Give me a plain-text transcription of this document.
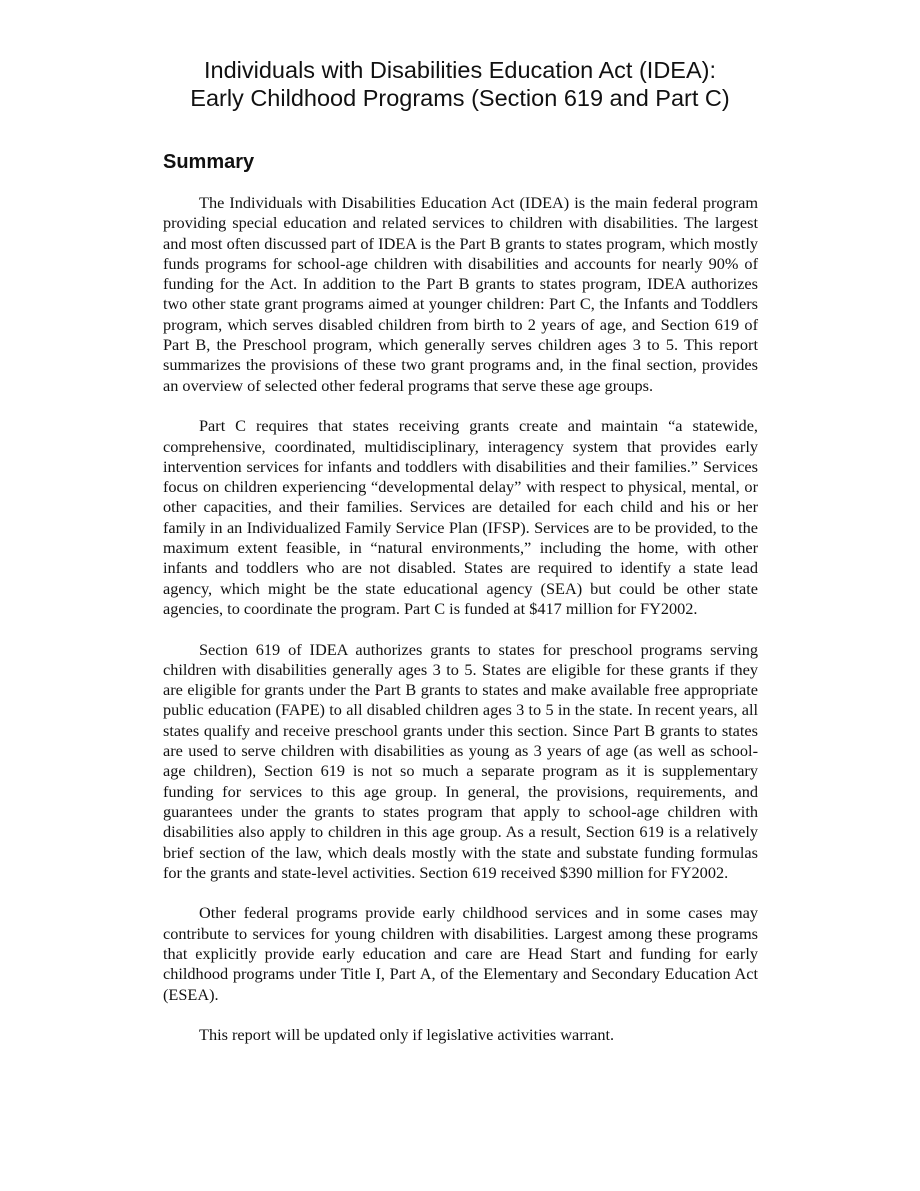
Individuals with Disabilities Education Act (IDEA):
Early Childhood Programs (Section 619 and Part C)
Summary

The Individuals with Disabilities Education Act (IDEA) is the main federal program providing special education and related services to children with disabilities. The largest and most often discussed part of IDEA is the Part B grants to states program, which mostly funds programs for school-age children with disabilities and accounts for nearly 90% of funding for the Act. In addition to the Part B grants to states program, IDEA authorizes two other state grant programs aimed at younger children: Part C, the Infants and Toddlers program, which serves disabled children from birth to 2 years of age, and Section 619 of Part B, the Preschool program, which generally serves children ages 3 to 5. This report summarizes the provisions of these two grant programs and, in the final section, provides an overview of selected other federal programs that serve these age groups.

Part C requires that states receiving grants create and maintain “a statewide, comprehensive, coordinated, multidisciplinary, interagency system that provides early intervention services for infants and toddlers with disabilities and their families.” Services focus on children experiencing “developmental delay” with respect to physical, mental, or other capacities, and their families. Services are detailed for each child and his or her family in an Individualized Family Service Plan (IFSP). Services are to be provided, to the maximum extent feasible, in “natural environments,” including the home, with other infants and toddlers who are not disabled. States are required to identify a state lead agency, which might be the state educational agency (SEA) but could be other state agencies, to coordinate the program. Part C is funded at $417 million for FY2002.

Section 619 of IDEA authorizes grants to states for preschool programs serving children with disabilities generally ages 3 to 5. States are eligible for these grants if they are eligible for grants under the Part B grants to states and make available free appropriate public education (FAPE) to all disabled children ages 3 to 5 in the state. In recent years, all states qualify and receive preschool grants under this section. Since Part B grants to states are used to serve children with disabilities as young as 3 years of age (as well as school-age children), Section 619 is not so much a separate program as it is supplementary funding for services to this age group. In general, the provisions, requirements, and guarantees under the grants to states program that apply to school-age children with disabilities also apply to children in this age group. As a result, Section 619 is a relatively brief section of the law, which deals mostly with the state and substate funding formulas for the grants and state-level activities. Section 619 received $390 million for FY2002.

Other federal programs provide early childhood services and in some cases may contribute to services for young children with disabilities. Largest among these programs that explicitly provide early education and care are Head Start and funding for early childhood programs under Title I, Part A, of the Elementary and Secondary Education Act (ESEA).

This report will be updated only if legislative activities warrant.
